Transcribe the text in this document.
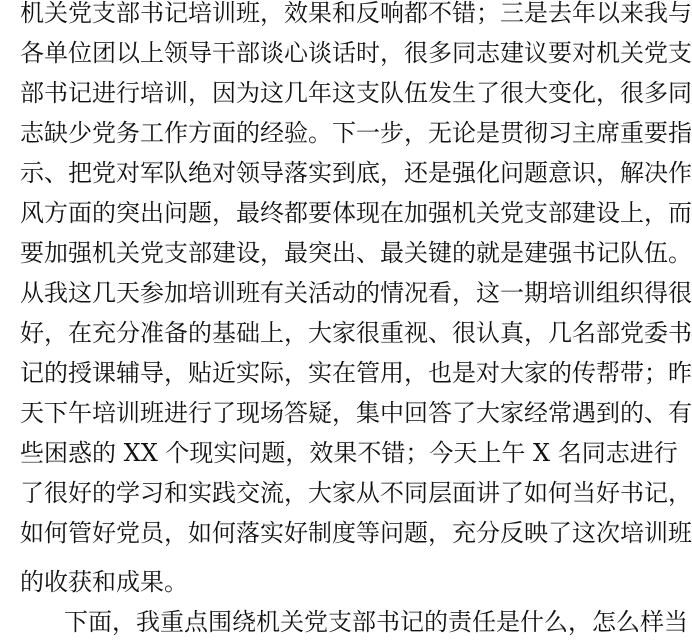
机关党支部书记培训班，效果和反响都不错；三是去年以来我与
各单位团以上领导干部谈心谈话时，很多同志建议要对机关党支
部书记进行培训，因为这几年这支队伍发生了很大变化，很多同
志缺少党务工作方面的经验。下一步，无论是贯彻习主席重要指
示、把党对军队绝对领导落实到底，还是强化问题意识，解决作
风方面的突出问题，最终都要体现在加强机关党支部建设上，而
要加强机关党支部建设，最突出、最关键的就是建强书记队伍。
从我这几天参加培训班有关活动的情况看，这一期培训组织得很
好，在充分准备的基础上，大家很重视、很认真，几名部党委书
记的授课辅导，贴近实际，实在管用，也是对大家的传帮带；昨
天下午培训班进行了现场答疑，集中回答了大家经常遇到的、有
些困惑的 XX 个现实问题，效果不错；今天上午 X 名同志进行
了很好的学习和实践交流，大家从不同层面讲了如何当好书记，
如何管好党员，如何落实好制度等问题，充分反映了这次培训班
的收获和成果。
下面，我重点围绕机关党支部书记的责任是什么，怎么样当
